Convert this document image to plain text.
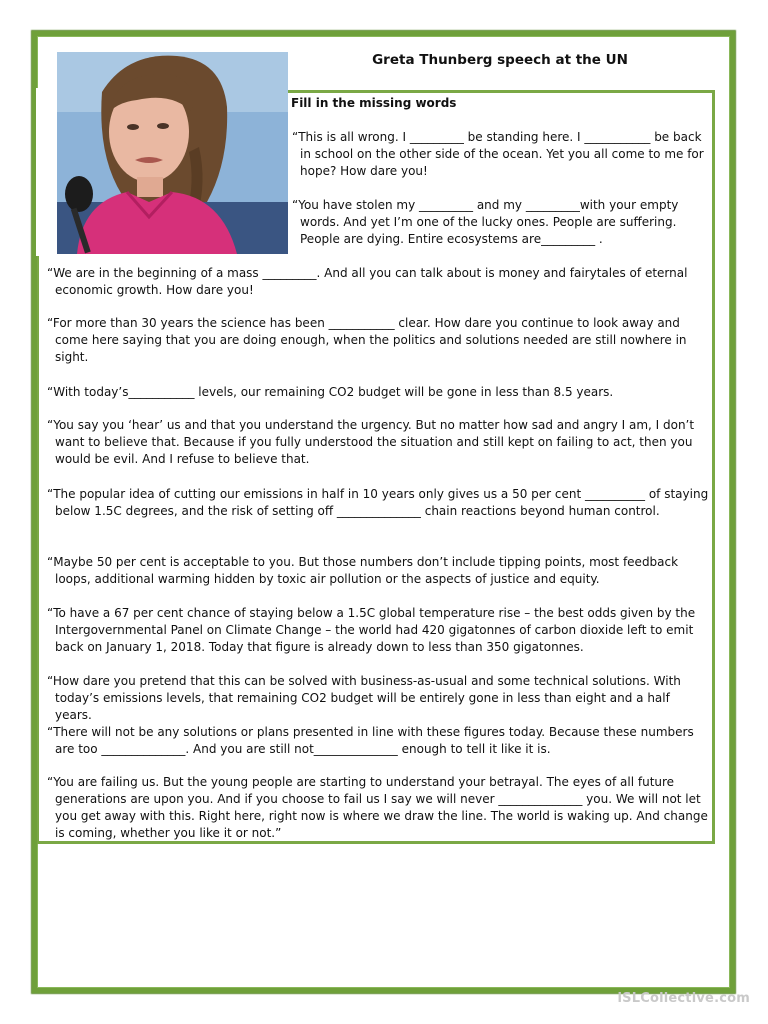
Greta Thunberg speech at the UN
Fill in the missing words

“This is all wrong. I _________ be standing here. I ___________ be back in school on the other side of the ocean. Yet you all come to me for hope? How dare you!

“You have stolen my _________ and my _________with your empty words. And yet I’m one of the lucky ones. People are suffering. People are dying. Entire ecosystems are_________ .

“We are in the beginning of a mass _________. And all you can talk about is money and fairytales of eternal economic growth. How dare you!

“For more than 30 years the science has been ___________ clear. How dare you continue to look away and come here saying that you are doing enough, when the politics and solutions needed are still nowhere in sight.

“With today’s___________ levels, our remaining CO2 budget will be gone in less than 8.5 years.

“You say you ‘hear’ us and that you understand the urgency. But no matter how sad and angry I am, I don’t want to believe that. Because if you fully understood the situation and still kept on failing to act, then you would be evil. And I refuse to believe that.

“The popular idea of cutting our emissions in half in 10 years only gives us a 50 per cent __________ of staying below 1.5C degrees, and the risk of setting off ______________ chain reactions beyond human control.

“Maybe 50 per cent is acceptable to you. But those numbers don’t include tipping points, most feedback loops, additional warming hidden by toxic air pollution or the aspects of justice and equity.

“To have a 67 per cent chance of staying below a 1.5C global temperature rise – the best odds given by the Intergovernmental Panel on Climate Change – the world had 420 gigatonnes of carbon dioxide left to emit back on January 1, 2018. Today that figure is already down to less than 350 gigatonnes.

“How dare you pretend that this can be solved with business-as-usual and some technical solutions. With today’s emissions levels, that remaining CO2 budget will be entirely gone in less than eight and a half years.

“There will not be any solutions or plans presented in line with these figures today. Because these numbers are too ______________. And you are still not______________ enough to tell it like it is.

“You are failing us. But the young people are starting to understand your betrayal. The eyes of all future generations are upon you. And if you choose to fail us I say we will never ______________ you. We will not let you get away with this. Right here, right now is where we draw the line. The world is waking up. And change is coming, whether you like it or not.”

iSLCollective.com
